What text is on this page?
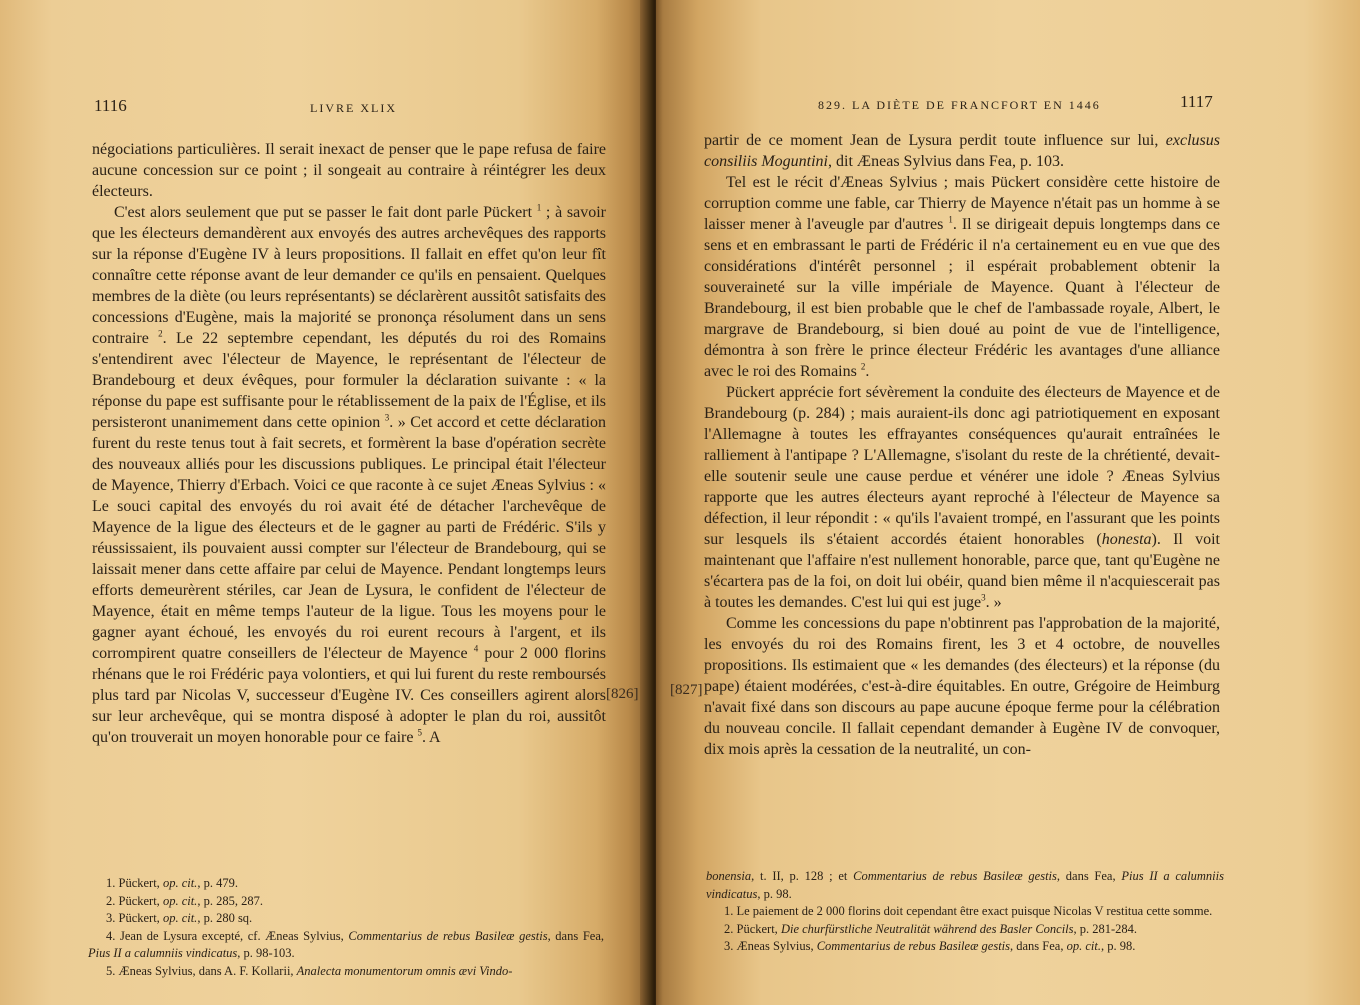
1116	LIVRE XLIX

négociations particulières. Il serait inexact de penser que le pape refusa de faire aucune concession sur ce point ; il songeait au contraire à réintégrer les deux électeurs.

C'est alors seulement que put se passer le fait dont parle Pückert $^1$ ; à savoir que les électeurs demandèrent aux envoyés des autres archevêques des rapports sur la réponse d'Eugène IV à leurs propositions. Il fallait en effet qu'on leur fît connaître cette réponse avant de leur demander ce qu'ils en pensaient. Quelques membres de la diète (ou leurs représentants) se déclarèrent aussitôt satisfaits des concessions d'Eugène, mais la majorité se prononça résolument dans un sens contraire $^2$. Le 22 septembre cependant, les députés du roi des Romains s'entendirent avec l'électeur de Mayence, le représentant de l'électeur de Brandebourg et deux évêques, pour formuler la déclaration suivante : « la réponse du pape est suffisante pour le rétablissement de la paix de l'Église, et ils persisteront unanimement dans cette opinion $^3$. » Cet accord et cette déclaration furent du reste tenus tout à fait secrets, et formèrent la base d'opération secrète des nouveaux alliés pour les discussions publiques. Le principal était l'électeur de Mayence, Thierry d'Erbach. Voici ce que raconte à ce sujet Æneas Sylvius : « Le souci capital des envoyés du roi avait été de détacher l'archevêque de Mayence de la ligue des électeurs et de le gagner au parti de Frédéric. S'ils y réussissaient, ils pouvaient aussi compter sur l'électeur de Brandebourg, qui se laissait mener dans cette affaire par celui de Mayence. Pendant longtemps leurs efforts demeurèrent stériles, car Jean de Lysura, le confident de l'électeur de Mayence, était en même temps l'auteur de la ligue. Tous les moyens pour le gagner ayant échoué, les envoyés du roi eurent recours à l'argent, et ils corrompirent quatre conseillers de l'électeur de Mayence $^4$ pour 2 000 florins rhénans que le roi Frédéric paya volontiers, et qui lui furent du reste remboursés plus tard par Nicolas V, successeur d'Eugène IV. Ces conseillers agirent alors sur leur archevêque, qui se montra disposé à adopter le plan du roi, aussitôt qu'on trouverait un moyen honorable pour ce faire $^5$. A

[826]

1. Pückert, op. cit., p. 479.

2. Pückert, op. cit., p. 285, 287.

3. Pückert, op. cit., p. 280 sq.

4. Jean de Lysura excepté, cf. Æneas Sylvius, Commentarius de rebus Basileæ gestis, dans Fea, Pius II a calumniis vindicatus, p. 98-103.

5. Æneas Sylvius, dans A. F. Kollarii, Analecta monumentorum omnis ævi Vindo-

829. LA DIÈTE DE FRANCFORT EN 1446	1117

partir de ce moment Jean de Lysura perdit toute influence sur lui, exclusus consiliis Moguntini, dit Æneas Sylvius dans Fea, p. 103.

Tel est le récit d'Æneas Sylvius ; mais Pückert considère cette histoire de corruption comme une fable, car Thierry de Mayence n'était pas un homme à se laisser mener à l'aveugle par d'autres $^1$. Il se dirigeait depuis longtemps dans ce sens et en embrassant le parti de Frédéric il n'a certainement eu en vue que des considérations d'intérêt personnel ; il espérait probablement obtenir la souveraineté sur la ville impériale de Mayence. Quant à l'électeur de Brandebourg, il est bien probable que le chef de l'ambassade royale, Albert, le margrave de Brandebourg, si bien doué au point de vue de l'intelligence, démontra à son frère le prince électeur Frédéric les avantages d'une alliance avec le roi des Romains $^2$.

Pückert apprécie fort sévèrement la conduite des électeurs de Mayence et de Brandebourg (p. 284) ; mais auraient-ils donc agi patriotiquement en exposant l'Allemagne à toutes les effrayantes conséquences qu'aurait entraînées le ralliement à l'antipape ? L'Allemagne, s'isolant du reste de la chrétienté, devait-elle soutenir seule une cause perdue et vénérer une idole ? Æneas Sylvius rapporte que les autres électeurs ayant reproché à l'électeur de Mayence sa défection, il leur répondit : « qu'ils l'avaient trompé, en l'assurant que les points sur lesquels ils s'étaient accordés étaient honorables (honesta). Il voit maintenant que l'affaire n'est nullement honorable, parce que, tant qu'Eugène ne s'écartera pas de la foi, on doit lui obéir, quand bien même il n'acquiescerait pas à toutes les demandes. C'est lui qui est juge$^3$. »

Comme les concessions du pape n'obtinrent pas l'approbation de la majorité, les envoyés du roi des Romains firent, les 3 et 4 octobre, de nouvelles propositions. Ils estimaient que « les demandes (des électeurs) et la réponse (du pape) étaient modérées, c'est-à-dire équitables. En outre, Grégoire de Heimburg n'avait fixé dans son discours au pape aucune époque ferme pour la célébration du nouveau concile. Il fallait cependant demander à Eugène IV de convoquer, dix mois après la cessation de la neutralité, un con-

[827]

bonensia, t. II, p. 128 ; et Commentarius de rebus Basileæ gestis, dans Fea, Pius II a calumniis vindicatus, p. 98.

1. Le paiement de 2 000 florins doit cependant être exact puisque Nicolas V restitua cette somme.

2. Pückert, Die churfürstliche Neutralität während des Basler Concils, p. 281-284.

3. Æneas Sylvius, Commentarius de rebus Basileæ gestis, dans Fea, op. cit., p. 98.
